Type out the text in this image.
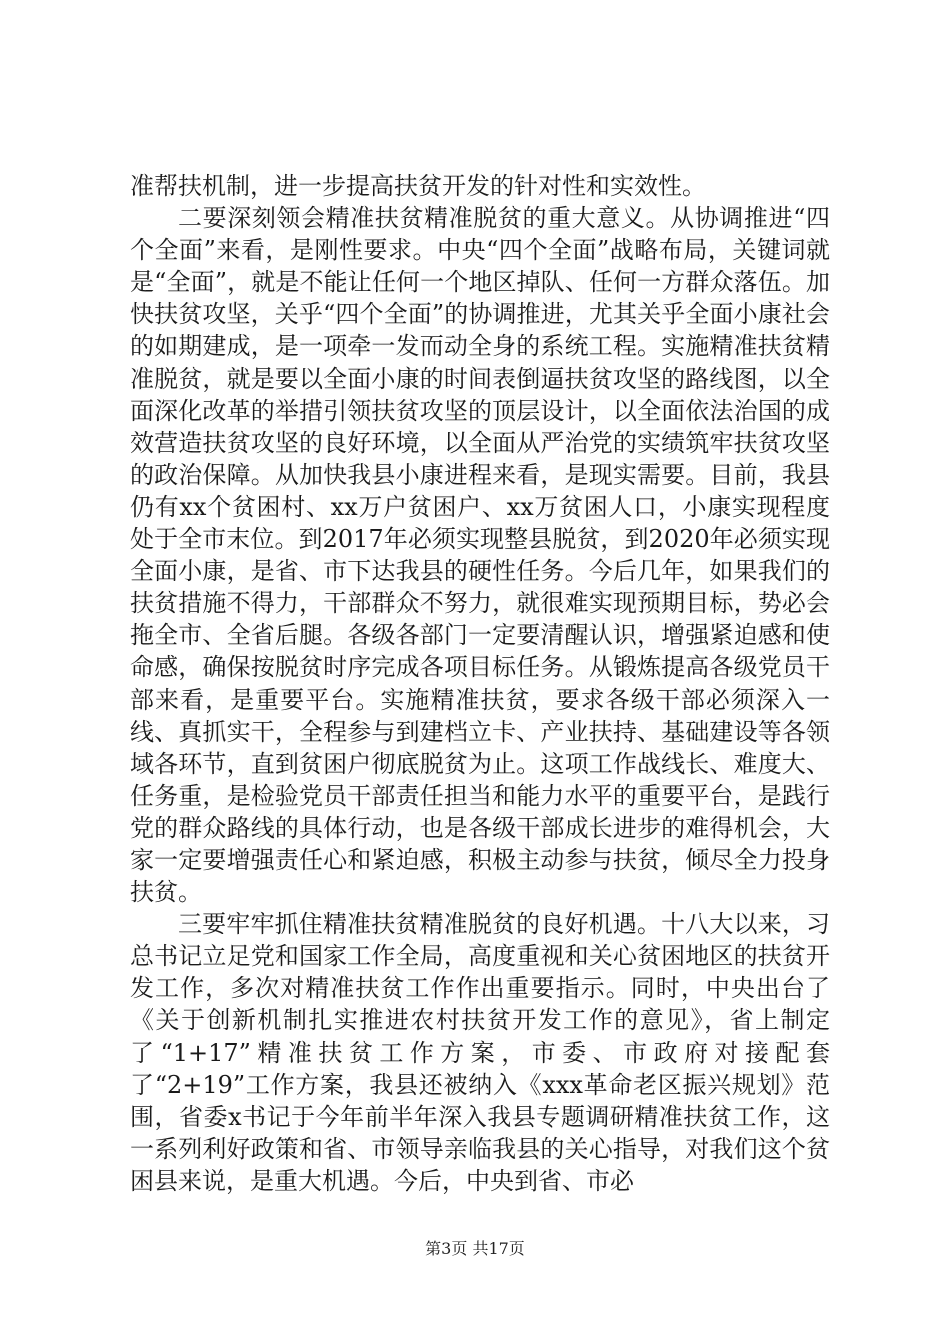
准帮扶机制，进一步提高扶贫开发的针对性和实效性。

二要深刻领会精准扶贫精准脱贫的重大意义。从协调推进“四个全面”来看，是刚性要求。中央“四个全面”战略布局，关键词就是“全面”，就是不能让任何一个地区掉队、任何一方群众落伍。加快扶贫攻坚，关乎“四个全面”的协调推进，尤其关乎全面小康社会的如期建成，是一项牵一发而动全身的系统工程。实施精准扶贫精准脱贫，就是要以全面小康的时间表倒逼扶贫攻坚的路线图，以全面深化改革的举措引领扶贫攻坚的顶层设计，以全面依法治国的成效营造扶贫攻坚的良好环境，以全面从严治党的实绩筑牢扶贫攻坚的政治保障。从加快我县小康进程来看，是现实需要。目前，我县仍有xx个贫困村、xx万户贫困户、xx万贫困人口，小康实现程度处于全市末位。到2017年必须实现整县脱贫，到2020年必须实现全面小康，是省、市下达我县的硬性任务。今后几年，如果我们的扶贫措施不得力，干部群众不努力，就很难实现预期目标，势必会拖全市、全省后腿。各级各部门一定要清醒认识，增强紧迫感和使命感，确保按脱贫时序完成各项目标任务。从锻炼提高各级党员干部来看，是重要平台。实施精准扶贫，要求各级干部必须深入一线、真抓实干，全程参与到建档立卡、产业扶持、基础建设等各领域各环节，直到贫困户彻底脱贫为止。这项工作战线长、难度大、任务重，是检验党员干部责任担当和能力水平的重要平台，是践行党的群众路线的具体行动，也是各级干部成长进步的难得机会，大家一定要增强责任心和紧迫感，积极主动参与扶贫，倾尽全力投身扶贫。

三要牢牢抓住精准扶贫精准脱贫的良好机遇。十八大以来，习总书记立足党和国家工作全局，高度重视和关心贫困地区的扶贫开发工作，多次对精准扶贫工作作出重要指示。同时，中央出台了《关于创新机制扎实推进农村扶贫开发工作的意见》，省上制定了“1+17”精准扶贫工作方案，市委、市政府对接配套了“2+19”工作方案，我县还被纳入《xxx革命老区振兴规划》范围，省委x书记于今年前半年深入我县专题调研精准扶贫工作，这一系列利好政策和省、市领导亲临我县的关心指导，对我们这个贫困县来说，是重大机遇。今后，中央到省、市必

第3页 共17页
